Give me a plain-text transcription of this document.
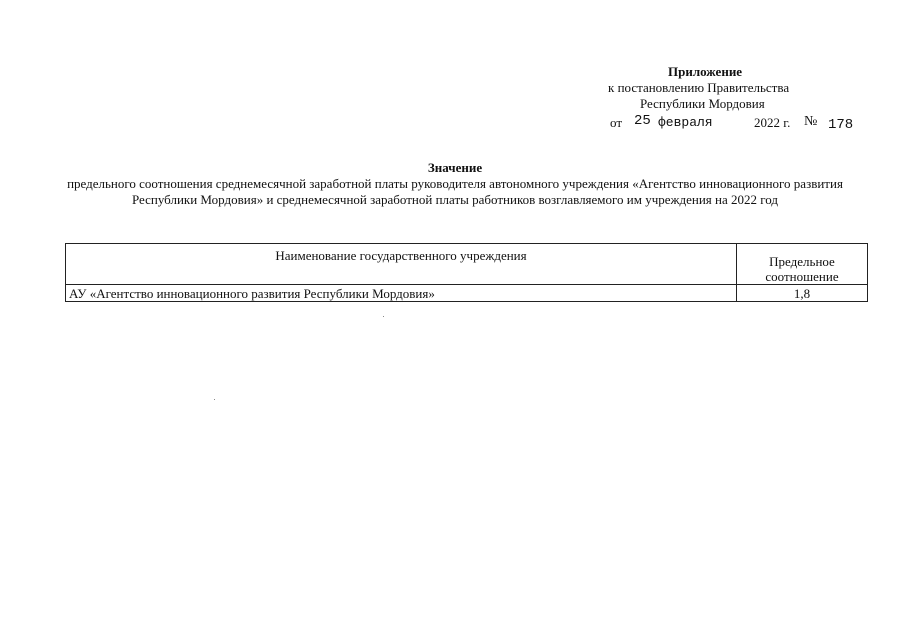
Приложение
к постановлению Правительства
Республики Мордовия
от 25 февраля	2022 г. № 178
Значение
предельного соотношения среднемесячной заработной платы руководителя автономного учреждения «Агентство инновационного развития Республики Мордовия» и среднемесячной заработной платы работников возглавляемого им учреждения на 2022 год
Наименование государственного учреждения	Предельное соотношение
АУ «Агентство инновационного развития Республики Мордовия»	1,8
